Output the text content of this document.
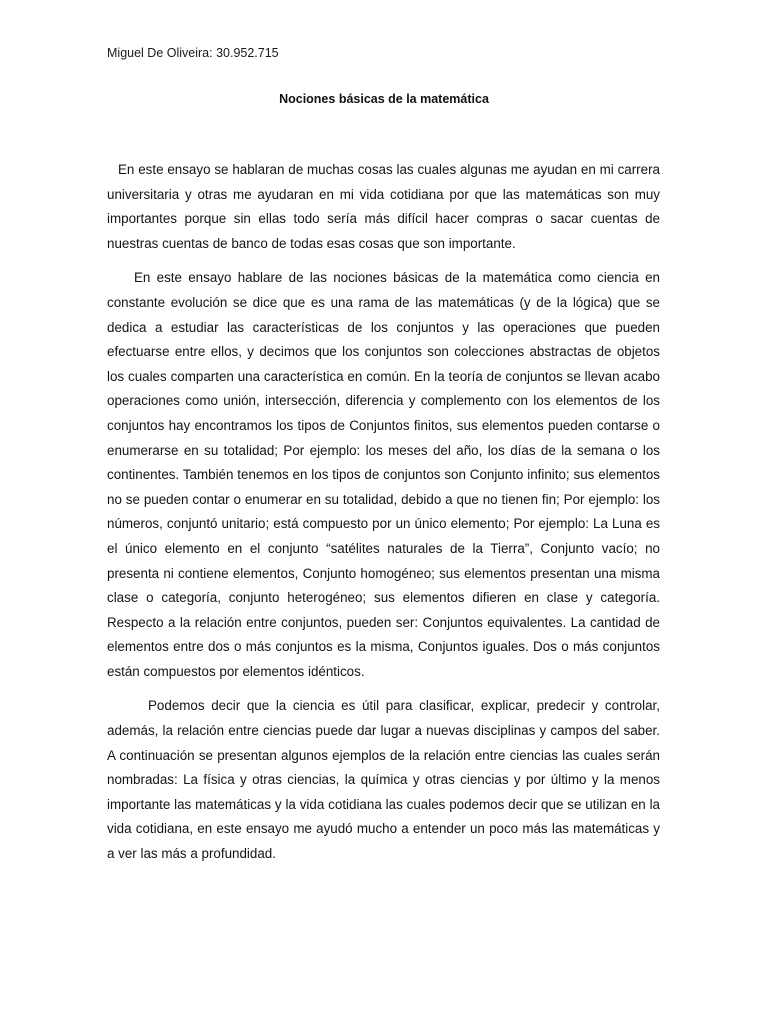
Miguel De Oliveira: 30.952.715
Nociones básicas de la matemática

En este ensayo se hablaran de muchas cosas las cuales algunas me ayudan en mi carrera universitaria y otras me ayudaran en mi vida cotidiana por que las matemáticas son muy importantes porque sin ellas todo sería más difícil hacer compras o sacar cuentas de nuestras cuentas de banco de todas esas cosas que son importante.

En este ensayo hablare de las nociones básicas de la matemática como ciencia en constante evolución se dice que es una rama de las matemáticas (y de la lógica) que se dedica a estudiar las características de los conjuntos y las operaciones que pueden efectuarse entre ellos, y decimos que los conjuntos son colecciones abstractas de objetos los cuales comparten una característica en común. En la teoría de conjuntos se llevan acabo operaciones como unión, intersección, diferencia y complemento con los elementos de los conjuntos hay encontramos los tipos de Conjuntos finitos, sus elementos pueden contarse o enumerarse en su totalidad; Por ejemplo: los meses del año, los días de la semana o los continentes. También tenemos en los tipos de conjuntos son Conjunto infinito; sus elementos no se pueden contar o enumerar en su totalidad, debido a que no tienen fin; Por ejemplo: los números, conjuntó unitario; está compuesto por un único elemento; Por ejemplo: La Luna es el único elemento en el conjunto “satélites naturales de la Tierra”, Conjunto vacío; no presenta ni contiene elementos, Conjunto homogéneo; sus elementos presentan una misma clase o categoría, conjunto heterogéneo; sus elementos difieren en clase y categoría. Respecto a la relación entre conjuntos, pueden ser: Conjuntos equivalentes. La cantidad de elementos entre dos o más conjuntos es la misma, Conjuntos iguales. Dos o más conjuntos están compuestos por elementos idénticos.

Podemos decir que la ciencia es útil para clasificar, explicar, predecir y controlar, además, la relación entre ciencias puede dar lugar a nuevas disciplinas y campos del saber. A continuación se presentan algunos ejemplos de la relación entre ciencias las cuales serán nombradas: La física y otras ciencias, la química y otras ciencias y por último y la menos importante las matemáticas y la vida cotidiana las cuales podemos decir que se utilizan en la vida cotidiana, en este ensayo me ayudó mucho a entender un poco más las matemáticas y a ver las más a profundidad.
